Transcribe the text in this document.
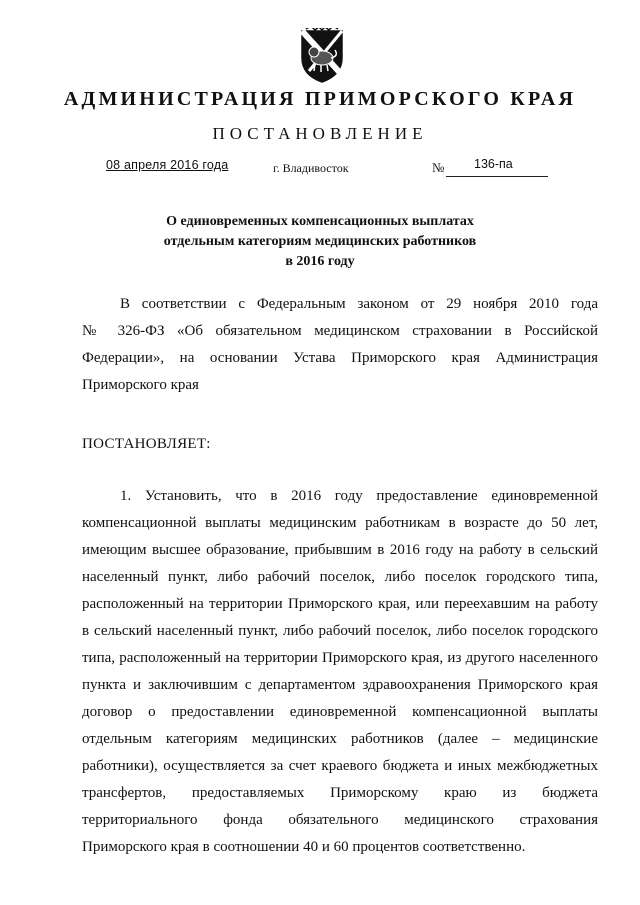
АДМИНИСТРАЦИЯ ПРИМОРСКОГО КРАЯ
ПОСТАНОВЛЕНИЕ
08 апреля 2016 года	г. Владивосток	№ 136-па
О единовременных компенсационных выплатах
отдельным категориям медицинских работников
в 2016 году
В соответствии с Федеральным законом от 29 ноября 2010 года
№ 326-ФЗ «Об обязательном медицинском страховании в Российской
Федерации», на основании Устава Приморского края Администрация
Приморского края
ПОСТАНОВЛЯЕТ:
1. Установить, что в 2016 году предоставление единовременной
компенсационной выплаты медицинским работникам в возрасте до 50 лет,
имеющим высшее образование, прибывшим в 2016 году на работу в сельский
населенный пункт, либо рабочий поселок, либо поселок городского типа,
расположенный на территории Приморского края, или переехавшим на работу
в сельский населенный пункт, либо рабочий поселок, либо поселок городского
типа, расположенный на территории Приморского края, из другого населенного
пункта и заключившим с департаментом здравоохранения Приморского края
договор о предоставлении единовременной компенсационной выплаты
отдельным категориям медицинских работников (далее – медицинские
работники), осуществляется за счет краевого бюджета и иных межбюджетных
трансфертов, предоставляемых Приморскому краю из бюджета
территориального фонда обязательного медицинского страхования
Приморского края в соотношении 40 и 60 процентов соответственно.
